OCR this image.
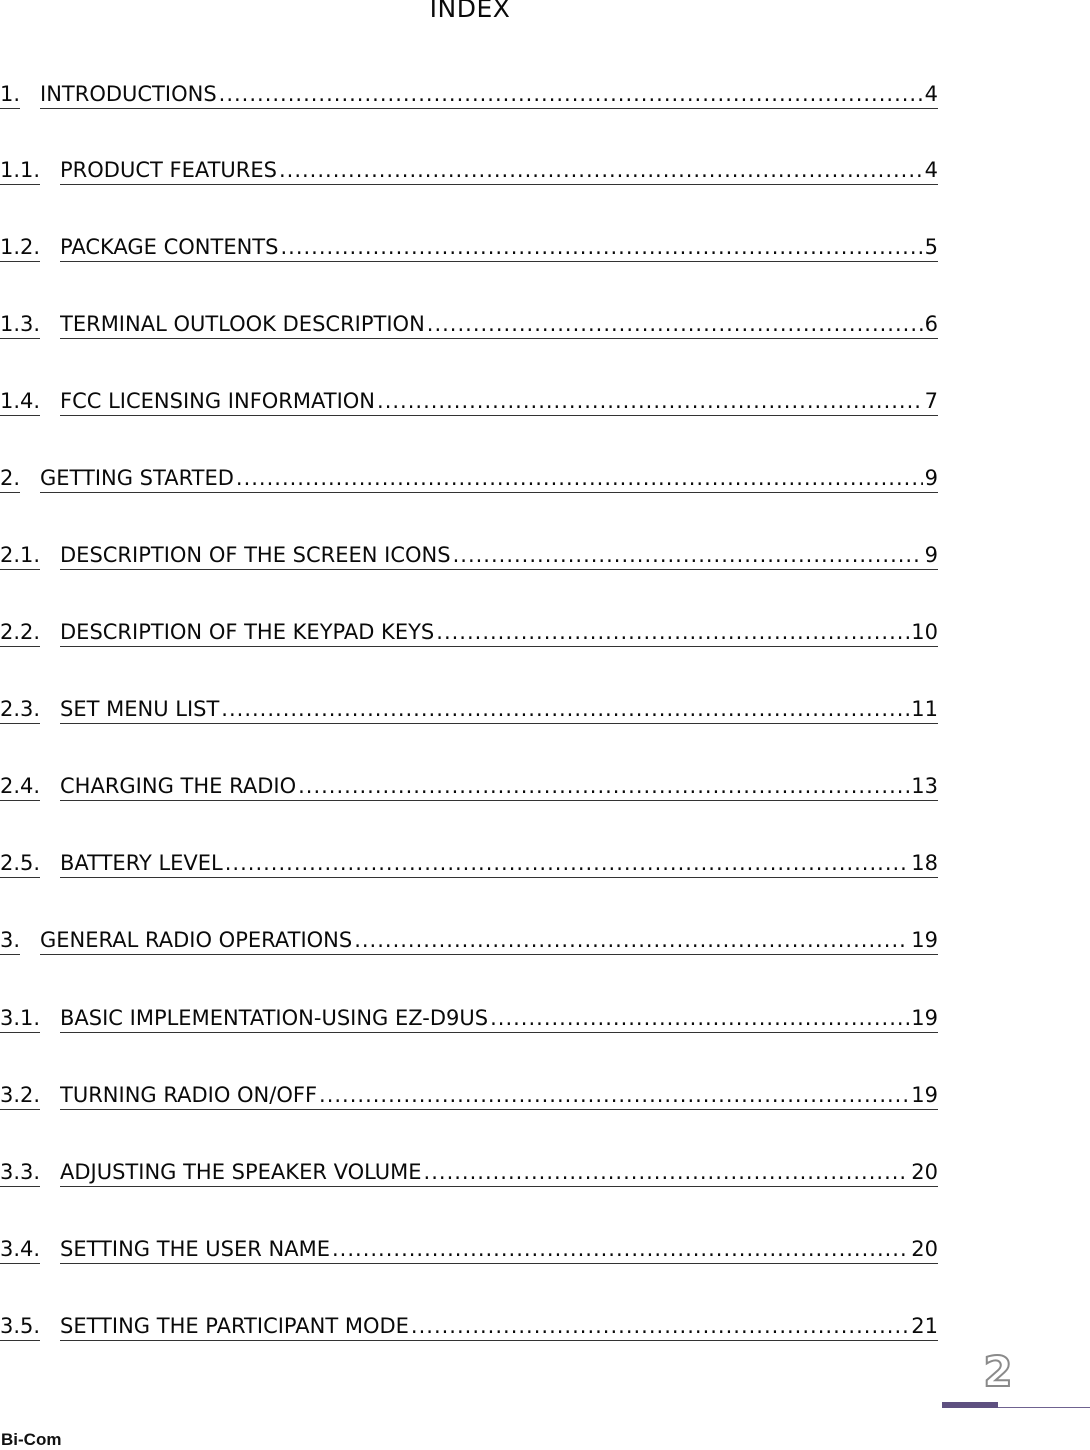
INDEX
1. INTRODUCTIONS .....	4
1.1. PRODUCT FEATURES .....	4
1.2. PACKAGE CONTENTS .....	5
1.3. TERMINAL OUTLOOK DESCRIPTION .....	6
1.4. FCC LICENSING INFORMATION .....	7
2. GETTING STARTED .....	9
2.1. DESCRIPTION OF THE SCREEN ICONS .....	9
2.2. DESCRIPTION OF THE KEYPAD KEYS .....	10
2.3. SET MENU LIST .....	11
2.4. CHARGING THE RADIO .....	13
2.5. BATTERY LEVEL .....	18
3. GENERAL RADIO OPERATIONS .....	19
3.1. BASIC IMPLEMENTATION-USING EZ-D9US .....	19
3.2. TURNING RADIO ON/OFF .....	19
3.3. ADJUSTING THE SPEAKER VOLUME .....	20
3.4. SETTING THE USER NAME .....	20
3.5. SETTING THE PARTICIPANT MODE .....	21
2
Bi-Com
